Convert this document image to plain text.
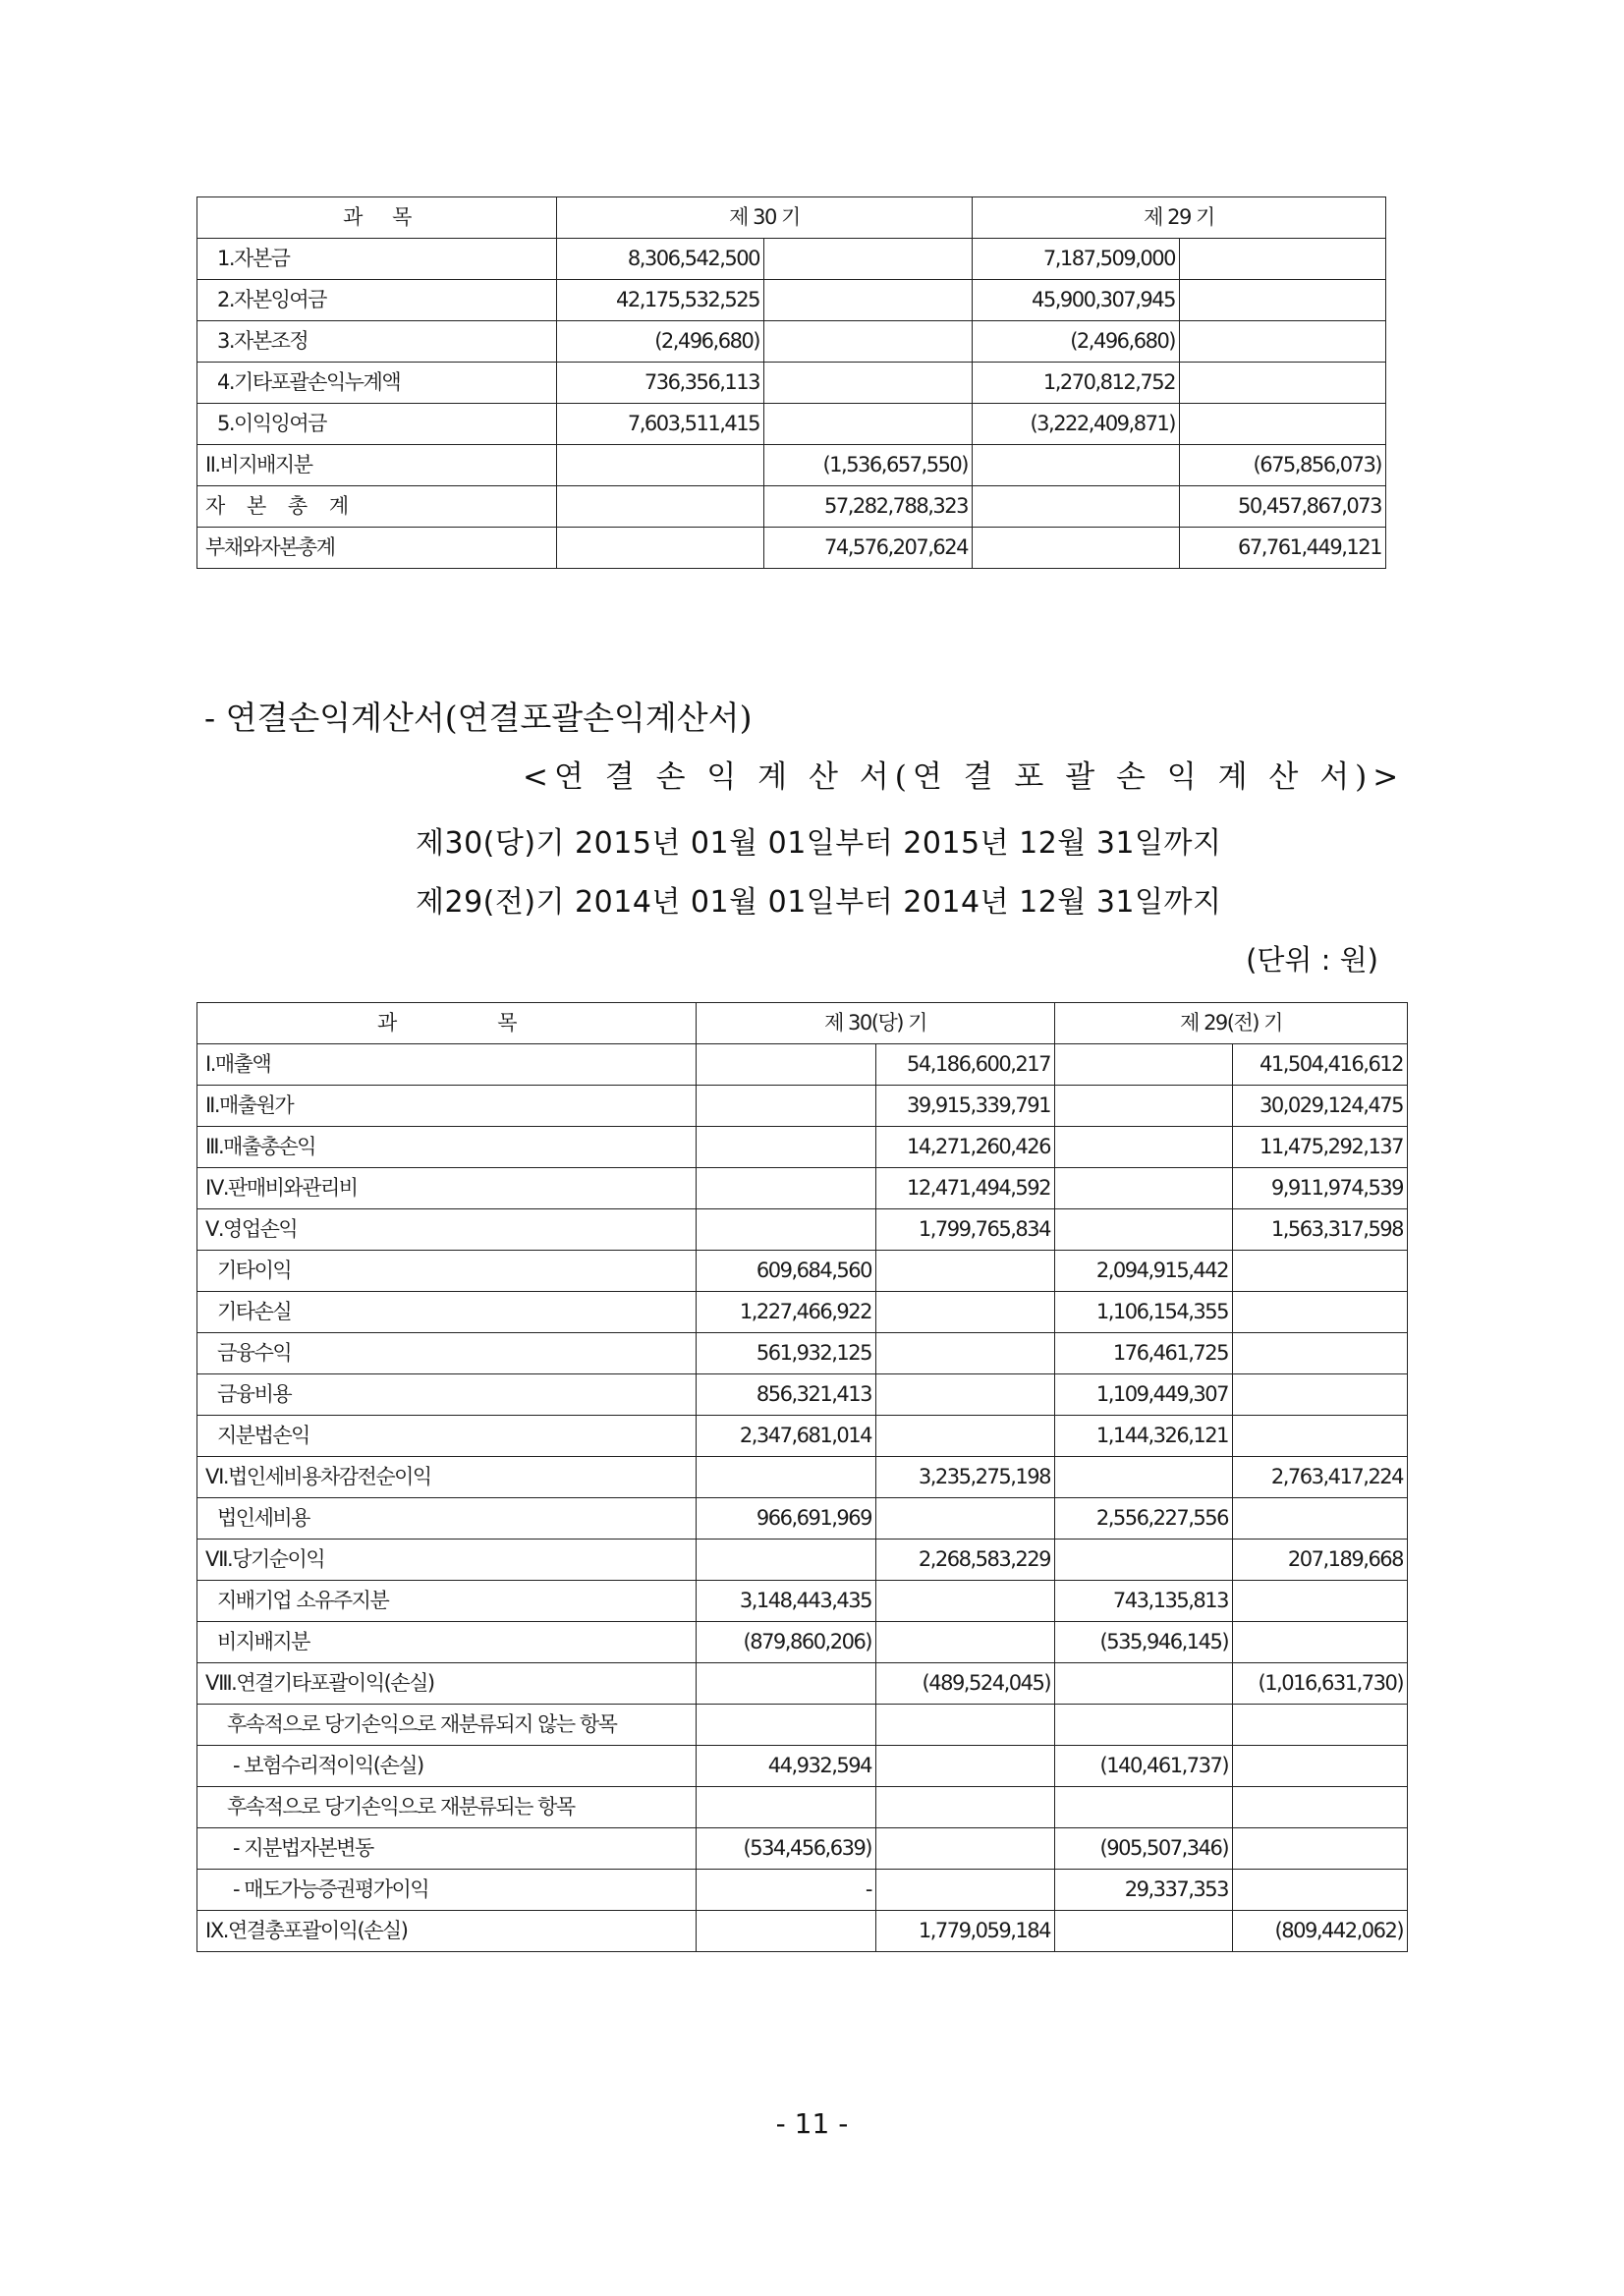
과 목	제 30 기		제 29 기	
1.자본금	8,306,542,500		7,187,509,000	
2.자본잉여금	42,175,532,525		45,900,307,945	
3.자본조정	(2,496,680)		(2,496,680)	
4.기타포괄손익누계액	736,356,113		1,270,812,752	
5.이익잉여금	7,603,511,415		(3,222,409,871)	
II.비지배지분		(1,536,657,550)		(675,856,073)
자 본 총 계		57,282,788,323		50,457,867,073
부채와자본총계		74,576,207,624		67,761,449,121
- 연결손익계산서(연결포괄손익계산서)
<연 결 손 익 계 산 서(연 결 포 괄 손 익 계 산 서)>
제30(당)기 2015년 01월 01일부터 2015년 12월 31일까지
제29(전)기 2014년 01월 01일부터 2014년 12월 31일까지
(단위 : 원)
과                    목	제 30(당) 기		제 29(전) 기	
Ⅰ.매출액		54,186,600,217		41,504,416,612
Ⅱ.매출원가		39,915,339,791		30,029,124,475
Ⅲ.매출총손익		14,271,260,426		11,475,292,137
Ⅳ.판매비와관리비		12,471,494,592		9,911,974,539
Ⅴ.영업손익		1,799,765,834		1,563,317,598
기타이익	609,684,560		2,094,915,442	
기타손실	1,227,466,922		1,106,154,355	
금융수익	561,932,125		176,461,725	
금융비용	856,321,413		1,109,449,307	
지분법손익	2,347,681,014		1,144,326,121	
Ⅵ.법인세비용차감전순이익		3,235,275,198		2,763,417,224
법인세비용	966,691,969		2,556,227,556	
Ⅶ.당기순이익		2,268,583,229		207,189,668
지배기업 소유주지분	3,148,443,435		743,135,813	
비지배지분	(879,860,206)		(535,946,145)	
Ⅷ.연결기타포괄이익(손실)		(489,524,045)		(1,016,631,730)
후속적으로 당기손익으로 재분류되지 않는 항목				
- 보험수리적이익(손실)	44,932,594		(140,461,737)	
후속적으로 당기손익으로 재분류되는 항목				
- 지분법자본변동	(534,456,639)		(905,507,346)	
- 매도가능증권평가이익	-		29,337,353	
Ⅸ.연결총포괄이익(손실)		1,779,059,184		(809,442,062)
- 11 -
